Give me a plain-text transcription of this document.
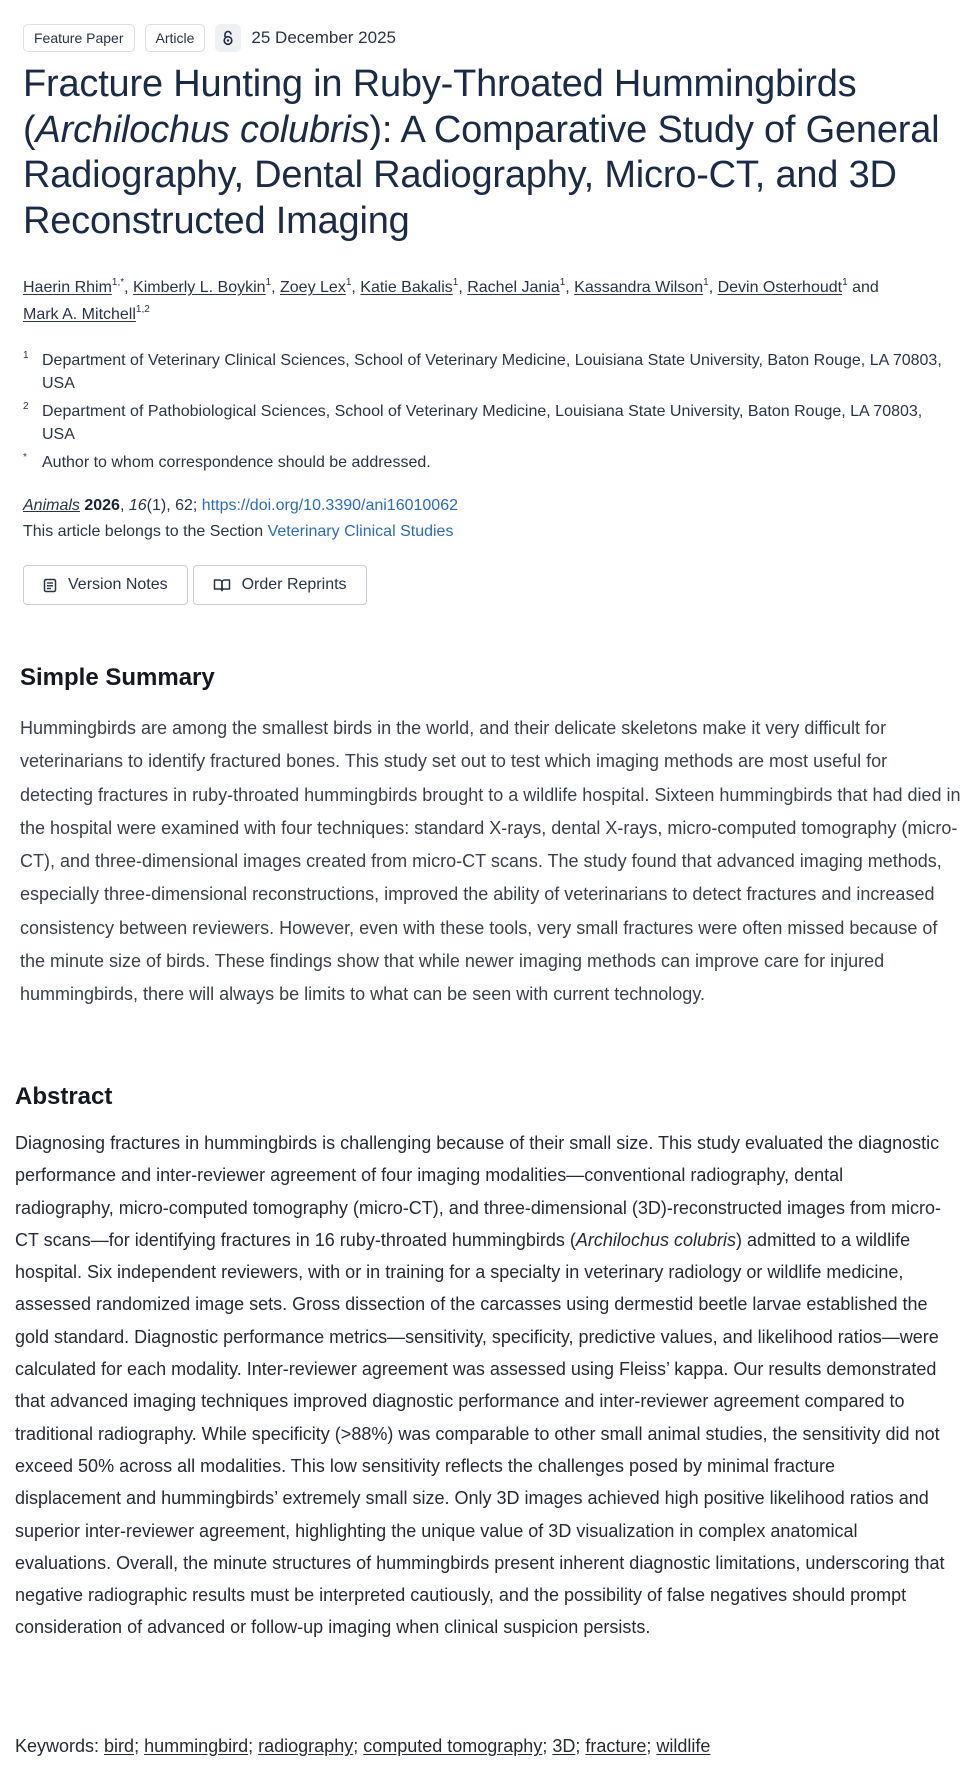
Feature Paper	Article	25 December 2025
Fracture Hunting in Ruby-Throated Hummingbirds (Archilochus colubris): A Comparative Study of General Radiography, Dental Radiography, Micro-CT, and 3D Reconstructed Imaging
Haerin Rhim$^{1,*}$, Kimberly L. Boykin$^1$, Zoey Lex$^1$, Katie Bakalis$^1$, Rachel Jania$^1$, Kassandra Wilson$^1$, Devin Osterhoudt$^1$ and
Mark A. Mitchell$^{1,2}$
1 Department of Veterinary Clinical Sciences, School of Veterinary Medicine, Louisiana State University, Baton Rouge, LA 70803, USA
2 Department of Pathobiological Sciences, School of Veterinary Medicine, Louisiana State University, Baton Rouge, LA 70803, USA
* Author to whom correspondence should be addressed.
Animals 2026, 16(1), 62; https://doi.org/10.3390/ani16010062
This article belongs to the Section Veterinary Clinical Studies
Version Notes	Order Reprints
Simple Summary

Hummingbirds are among the smallest birds in the world, and their delicate skeletons make it very difficult for veterinarians to identify fractured bones. This study set out to test which imaging methods are most useful for detecting fractures in ruby-throated hummingbirds brought to a wildlife hospital. Sixteen hummingbirds that had died in the hospital were examined with four techniques: standard X-rays, dental X-rays, micro-computed tomography (micro-CT), and three-dimensional images created from micro-CT scans. The study found that advanced imaging methods, especially three-dimensional reconstructions, improved the ability of veterinarians to detect fractures and increased consistency between reviewers. However, even with these tools, very small fractures were often missed because of the minute size of birds. These findings show that while newer imaging methods can improve care for injured hummingbirds, there will always be limits to what can be seen with current technology.

Abstract

Diagnosing fractures in hummingbirds is challenging because of their small size. This study evaluated the diagnostic performance and inter-reviewer agreement of four imaging modalities—conventional radiography, dental radiography, micro-computed tomography (micro-CT), and three-dimensional (3D)-reconstructed images from micro-CT scans—for identifying fractures in 16 ruby-throated hummingbirds (Archilochus colubris) admitted to a wildlife hospital. Six independent reviewers, with or in training for a specialty in veterinary radiology or wildlife medicine, assessed randomized image sets. Gross dissection of the carcasses using dermestid beetle larvae established the gold standard. Diagnostic performance metrics—sensitivity, specificity, predictive values, and likelihood ratios—were calculated for each modality. Inter-reviewer agreement was assessed using Fleiss’ kappa. Our results demonstrated that advanced imaging techniques improved diagnostic performance and inter-reviewer agreement compared to traditional radiography. While specificity (>88%) was comparable to other small animal studies, the sensitivity did not exceed 50% across all modalities. This low sensitivity reflects the challenges posed by minimal fracture displacement and hummingbirds’ extremely small size. Only 3D images achieved high positive likelihood ratios and superior inter-reviewer agreement, highlighting the unique value of 3D visualization in complex anatomical evaluations. Overall, the minute structures of hummingbirds present inherent diagnostic limitations, underscoring that negative radiographic results must be interpreted cautiously, and the possibility of false negatives should prompt consideration of advanced or follow-up imaging when clinical suspicion persists.

Keywords: bird; hummingbird; radiography; computed tomography; 3D; fracture; wildlife
